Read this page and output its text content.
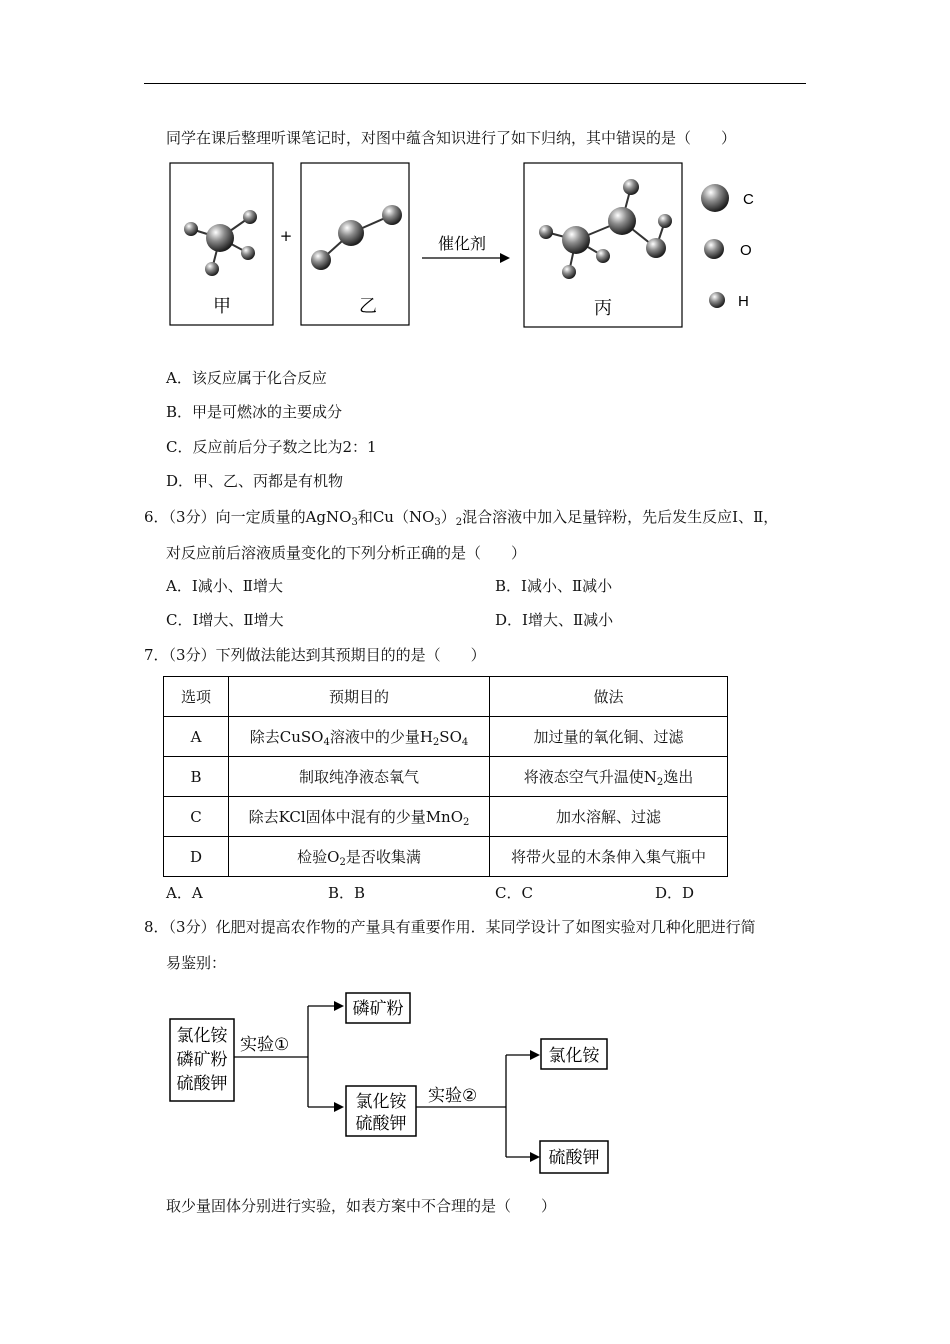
同学在课后整理听课笔记时，对图中蕴含知识进行了如下归纳，其中错误的是（　　）
甲
+
乙
催化剂
丙
C
O
H
A．该反应属于化合反应
B．甲是可燃冰的主要成分
C．反应前后分子数之比为2：1
D．甲、乙、丙都是有机物
6．（3分）向一定质量的AgNO$_3$和$Cu(NO_3)_2$混合溶液中加入足量锌粉，先后发生反应Ⅰ、Ⅱ，
对反应前后溶液质量变化的下列分析正确的是（　　）
A．Ⅰ减小、Ⅱ增大	B．Ⅰ减小、Ⅱ减小
C．Ⅰ增大、Ⅱ增大	D．Ⅰ增大、Ⅱ减小
7．（3分）下列做法能达到其预期目的的是（　　）
选项	预期目的	做法
A	除去CuSO$_4$溶液中的少量$H_2SO_4$	加过量的氧化铜、过滤
B	制取纯净液态氧气	将液态空气升温使$N_2$逸出
C	除去KCl固体中混有的少量MnO$_2$	加水溶解、过滤
D	检验$O_2$是否收集满	将带火显的木条伸入集气瓶中
A．A	B．B	C．C	D．D
8．（3分）化肥对提高农作物的产量具有重要作用．某同学设计了如图实验对几种化肥进行简
易鉴别：
氯化铵
磷矿粉
硫酸钾
实验①
磷矿粉
氯化铵
硫酸钾
实验②
氯化铵
硫酸钾
取少量固体分别进行实验，如表方案中不合理的是（　　）
